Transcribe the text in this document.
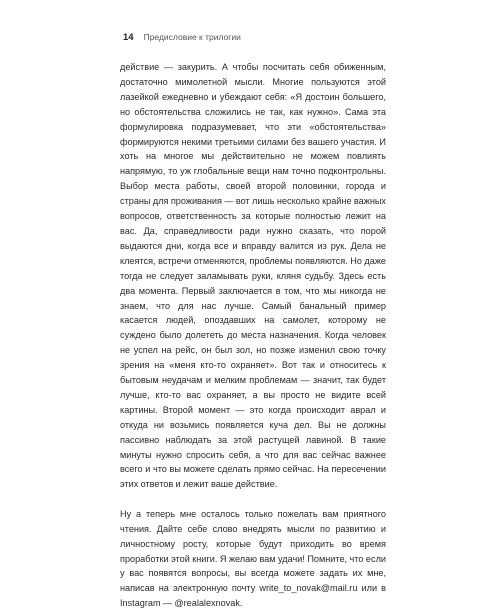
14 Предисловие к трилогии

действие — закурить. А чтобы посчитать себя обиженным, достаточно мимолетной мысли. Многие пользуются этой лазейкой ежедневно и убеждают себя: «Я достоин большего, но обстоятельства сложились не так, как нужно». Сама эта формулировка подразумевает, что эти «обстоятельства» формируются некими третьими силами без вашего участия. И хоть на многое мы действительно не можем повлиять напрямую, то уж глобальные вещи нам точно подконтрольны. Выбор места работы, своей второй половинки, города и страны для проживания — вот лишь несколько крайне важных вопросов, ответственность за которые полностью лежит на вас. Да, справедливости ради нужно сказать, что порой выдаются дни, когда все и вправду валится из рук. Дела не клеятся, встречи отменяются, проблемы появляются. Но даже тогда не следует заламывать руки, кляня судьбу. Здесь есть два момента. Первый заключается в том, что мы никогда не знаем, что для нас лучше. Самый банальный пример касается людей, опоздавших на самолет, которому не суждено было долететь до места назначения. Когда человек не успел на рейс, он был зол, но позже изменил свою точку зрения на «меня кто-то охраняет». Вот так и относитесь к бытовым неудачам и мелким проблемам — значит, так будет лучше, кто-то вас охраняет, а вы просто не видите всей картины. Второй момент — это когда происходит аврал и откуда ни возьмись появляется куча дел. Вы не должны пассивно наблюдать за этой растущей лавиной. В такие минуты нужно спросить себя, а что для вас сейчас важнее всего и что вы можете сделать прямо сейчас. На пересечении этих ответов и лежит ваше действие.

Ну а теперь мне осталось только пожелать вам приятного чтения. Дайте себе слово внедрять мысли по развитию и личностному росту, которые будут приходить во время проработки этой книги. Я желаю вам удачи! Помните, что если у вас появятся вопросы, вы всегда можете задать их мне, написав на электронную почту write_to_novak@mail.ru или в Instagram — @realalexnovak.
